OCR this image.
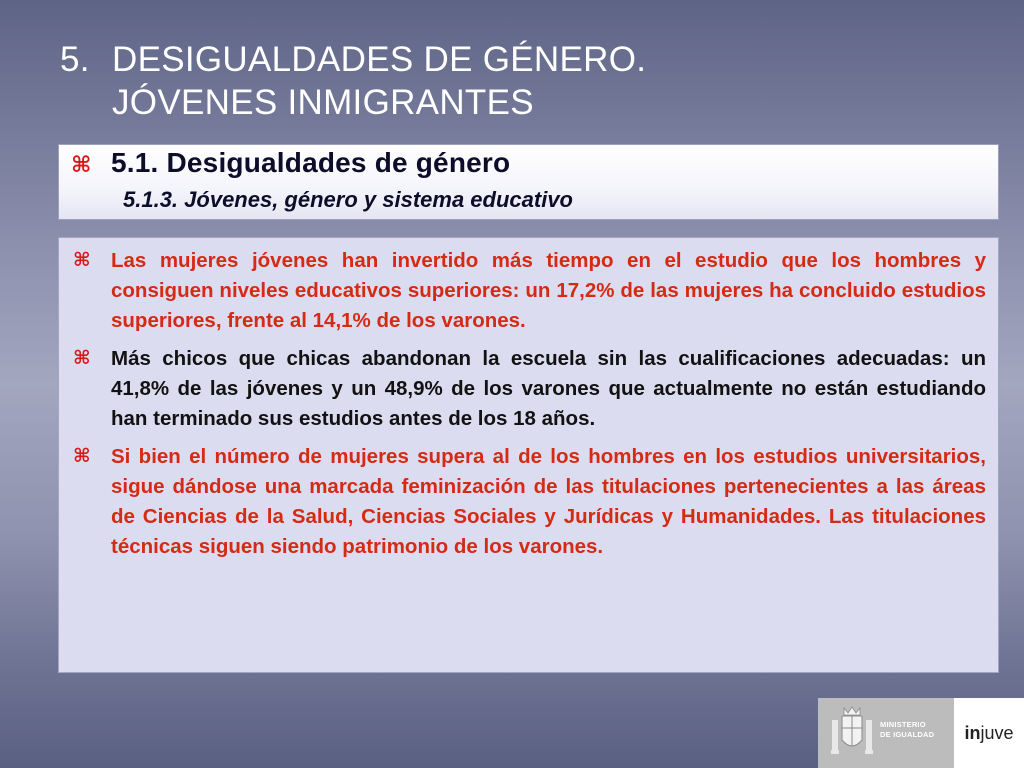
5. DESIGUALDADES DE GÉNERO.
JÓVENES INMIGRANTES
⌘ 5.1. Desigualdades de género
5.1.3. Jóvenes, género y sistema educativo
⌘ Las mujeres jóvenes han invertido más tiempo en el estudio que los hombres y consiguen niveles educativos superiores: un 17,2% de las mujeres ha concluido estudios superiores, frente al 14,1% de los varones.
⌘ Más chicos que chicas abandonan la escuela sin las cualificaciones adecuadas: un 41,8% de las jóvenes y un 48,9% de los varones que actualmente no están estudiando han terminado sus estudios antes de los 18 años.
⌘ Si bien el número de mujeres supera al de los hombres en los estudios universitarios, sigue dándose una marcada feminización de las titulaciones pertenecientes a las áreas de Ciencias de la Salud, Ciencias Sociales y Jurídicas y Humanidades. Las titulaciones técnicas siguen siendo patrimonio de los varones.
MINISTERIO
DE IGUALDAD in juve
